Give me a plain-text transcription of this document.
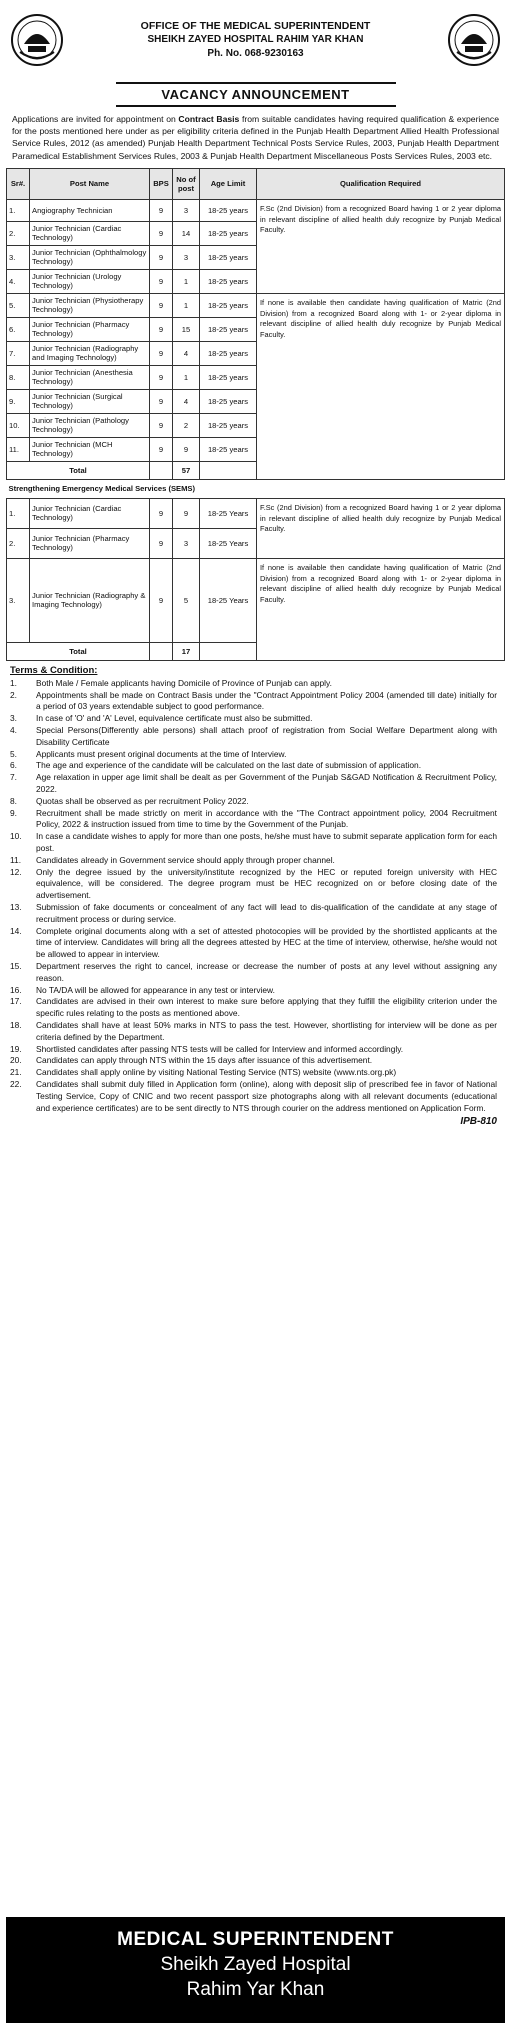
OFFICE OF THE MEDICAL SUPERINTENDENT
SHEIKH ZAYED HOSPITAL RAHIM YAR KHAN
Ph. No. 068-9230163
VACANCY ANNOUNCEMENT
Applications are invited for appointment on Contract Basis from suitable candidates having required qualification & experience for the posts mentioned here under as per eligibility criteria defined in the Punjab Health Department Allied Health Professional Service Rules, 2012 (as amended) Punjab Health Department Technical Posts Service Rules, 2003, Punjab Health Department Paramedical Establishment Services Rules, 2003 & Punjab Health Department Miscellaneous Posts Services Rules, 2003 etc.
Sr#.	Post Name	BPS	No of post	Age Limit	Qualification Required
1.	Angiography Technician	9	3	18-25 years	F.Sc (2nd Division) from a recognized Board having 1 or 2 year diploma in relevant discipline of allied health duly recognize by Punjab Medical Faculty.
2.	Junior Technician (Cardiac Technology)	9	14	18-25 years	
3.	Junior Technician (Ophthalmology Technology)	9	3	18-25 years	
4.	Junior Technician (Urology Technology)	9	1	18-25 years	
5.	Junior Technician (Physiotherapy Technology)	9	1	18-25 years	If none is available then candidate having qualification of Matric (2nd Division) from a recognized Board along with 1- or 2-year diploma in relevant discipline of allied health duly recognize by Punjab Medical Faculty.
6.	Junior Technician (Pharmacy Technology)	9	15	18-25 years	
7.	Junior Technician (Radiography and Imaging Technology)	9	4	18-25 years	
8.	Junior Technician (Anesthesia Technology)	9	1	18-25 years	
9.	Junior Technician (Surgical Technology)	9	4	18-25 years	
10.	Junior Technician (Pathology Technology)	9	2	18-25 years	
11.	Junior Technician (MCH Technology)	9	9	18-25 years	
Total			57		
Strengthening Emergency Medical Services (SEMS)					
1.	Junior Technician (Cardiac Technology)	9	9	18-25 Years	F.Sc (2nd Division) from a recognized Board having 1 or 2 year diploma in relevant discipline of allied health duly recognize by Punjab Medical Faculty.
2.	Junior Technician (Pharmacy Technology)	9	3	18-25 Years	
3.	Junior Technician (Radiography & Imaging Technology)	9	5	18-25 Years	If none is available then candidate having qualification of Matric (2nd Division) from a recognized Board along with 1- or 2-year diploma in relevant discipline of allied health duly recognize by Punjab Medical Faculty.
Total			17		
Terms & Condition:
1.	Both Male / Female applicants having Domicile of Province of Punjab can apply.
2.	Appointments shall be made on Contract Basis under the "Contract Appointment Policy 2004 (amended till date) initially for a period of 03 years extendable subject to good performance.
3.	In case of 'O' and 'A' Level, equivalence certificate must also be submitted.
4.	Special Persons(Differently able persons) shall attach proof of registration from Social Welfare Department along with Disability Certificate
5.	Applicants must present original documents at the time of Interview.
6.	The age and experience of the candidate will be calculated on the last date of submission of application.
7.	Age relaxation in upper age limit shall be dealt as per Government of the Punjab S&GAD Notification & Recruitment Policy, 2022.
8.	Quotas shall be observed as per recruitment Policy 2022.
9.	Recruitment shall be made strictly on merit in accordance with the "The Contract appointment policy, 2004 Recruitment Policy, 2022 & instruction issued from time to time by the Government of the Punjab.
10.	In case a candidate wishes to apply for more than one posts, he/she must have to submit separate application form for each post.
11.	Candidates already in Government service should apply through proper channel.
12.	Only the degree issued by the university/institute recognized by the HEC or reputed foreign university with HEC equivalence, will be considered. The degree program must be HEC recognized on or before closing date of the advertisement.
13.	Submission of fake documents or concealment of any fact will lead to dis-qualification of the candidate at any stage of recruitment process or during service.
14.	Complete original documents along with a set of attested photocopies will be provided by the shortlisted applicants at the time of interview. Candidates will bring all the degrees attested by HEC at the time of interview, otherwise, he/she would not be allowed to appear in interview.
15.	Department reserves the right to cancel, increase or decrease the number of posts at any level without assigning any reason.
16.	No TA/DA will be allowed for appearance in any test or interview.
17.	Candidates are advised in their own interest to make sure before applying that they fulfill the eligibility criterion under the specific rules relating to the posts as mentioned above.
18.	Candidates shall have at least 50% marks in NTS to pass the test. However, shortlisting for interview will be done as per criteria defined by the Department.
19.	Shortlisted candidates after passing NTS tests will be called for Interview and informed accordingly.
20.	Candidates can apply through NTS within the 15 days after issuance of this advertisement.
21.	Candidates shall apply online by visiting National Testing Service (NTS) website (www.nts.org.pk)
22.	Candidates shall submit duly filled in Application form (online), along with deposit slip of prescribed fee in favor of National Testing Service, Copy of CNIC and two recent passport size photographs along with all relevant documents (educational and experience certificates) are to be sent directly to NTS through courier on the address mentioned on Application Form.
IPB-810
MEDICAL SUPERINTENDENT
Sheikh Zayed Hospital
Rahim Yar Khan
